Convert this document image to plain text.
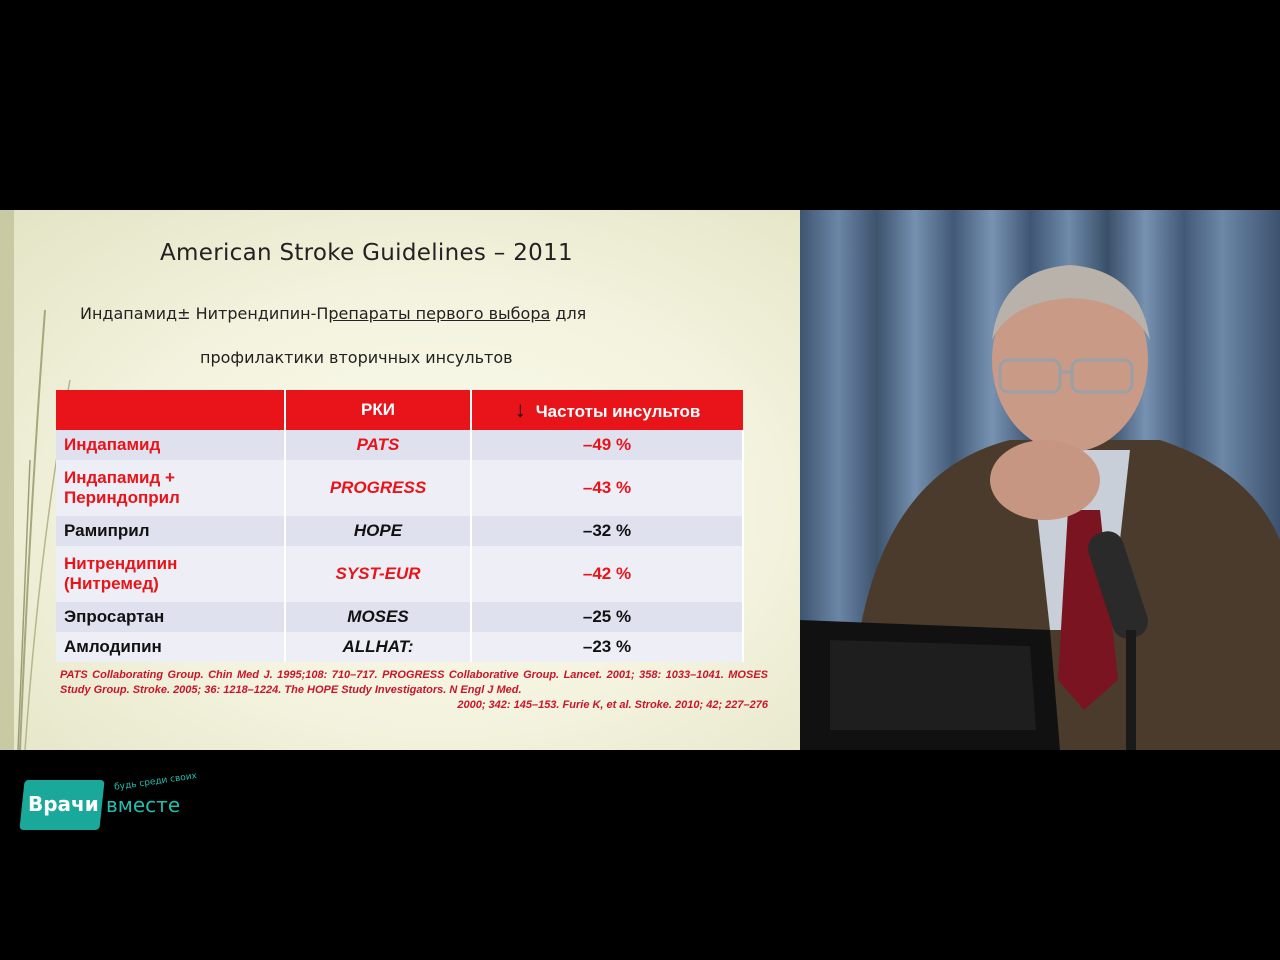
American Stroke Guidelines – 2011
Индапамид± Нитрендипин-Препараты первого выбора для
профилактики вторичных инсультов
	РКИ	↓ Частоты инсультов
Индапамид	PATS	–49 %

Индапамид +
Периндоприл	PROGRESS	–43 %
Рамиприл	HOPE	–32 %

Нитрендипин
(Нитремед)	SYST-EUR	–42 %
Эпросартан	MOSES	–25 %
Амлодипин	ALLHAT:	–23 %
PATS Collaborating Group. Chin Med J. 1995;108: 710–717. PROGRESS Collaborative Group. Lancet. 2001; 358: 1033–1041. MOSES Study Group. Stroke. 2005; 36: 1218–1224. The HOPE Study Investigators. N Engl J Med.
2000; 342: 145–153. Furie K, et al. Stroke. 2010; 42; 227–276
Врачи вместе
будь среди своих
